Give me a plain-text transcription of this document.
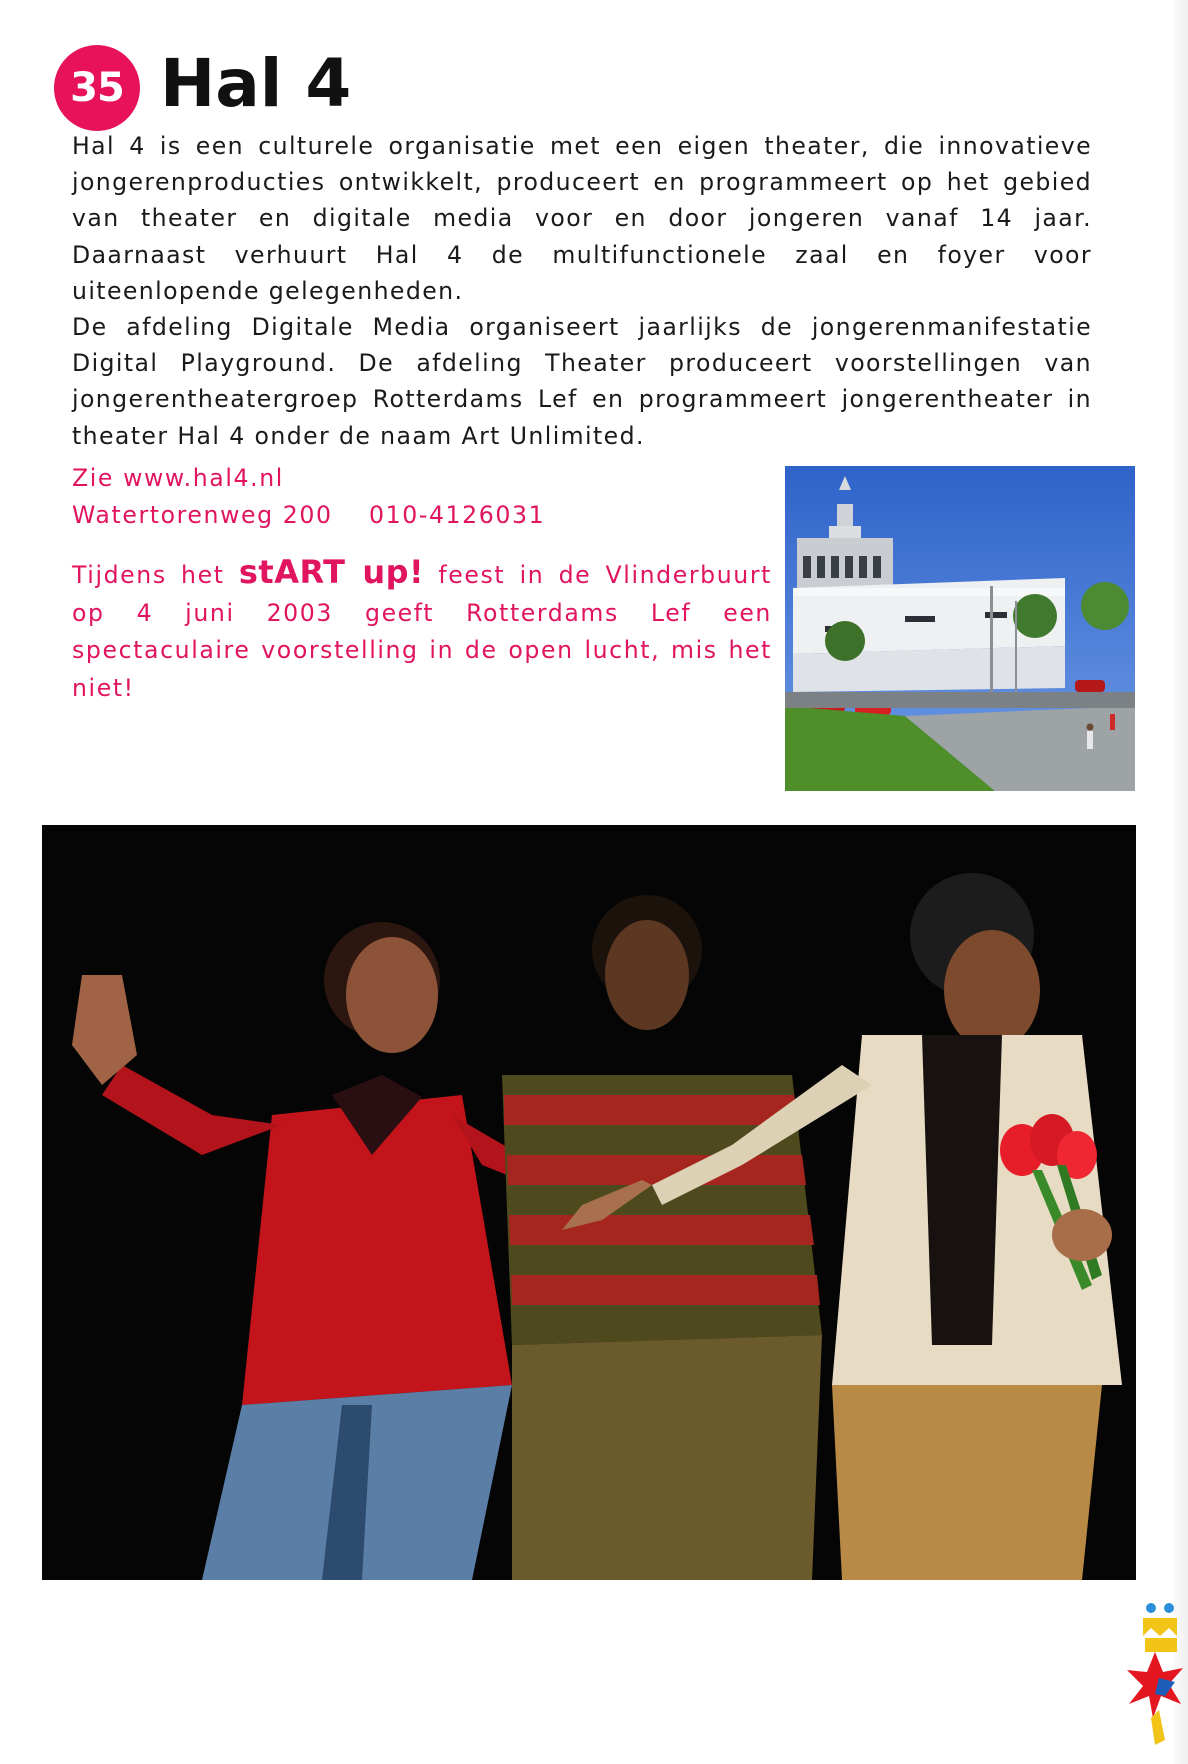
35 Hal 4

Hal 4 is een culturele organisatie met een eigen theater, die innovatieve jongerenproducties ontwikkelt, produceert en programmeert op het gebied van theater en digitale media voor en door jongeren vanaf 14 jaar. Daarnaast verhuurt Hal 4 de multifunctionele zaal en foyer voor uiteenlopende gelegenheden.

De afdeling Digitale Media organiseert jaarlijks de jongerenmanifestatie Digital Playground. De afdeling Theater produceert voorstellingen van jongerentheatergroep Rotterdams Lef en programmeert jongerentheater in theater Hal 4 onder de naam Art Unlimited.

Zie www.hal4.nl
Watertorenweg 200    010-4126031
Tijdens het stART up! feest in de Vlinderbuurt op 4 juni 2003 geeft Rotterdams Lef een spectaculaire voorstelling in de open lucht, mis het niet!
